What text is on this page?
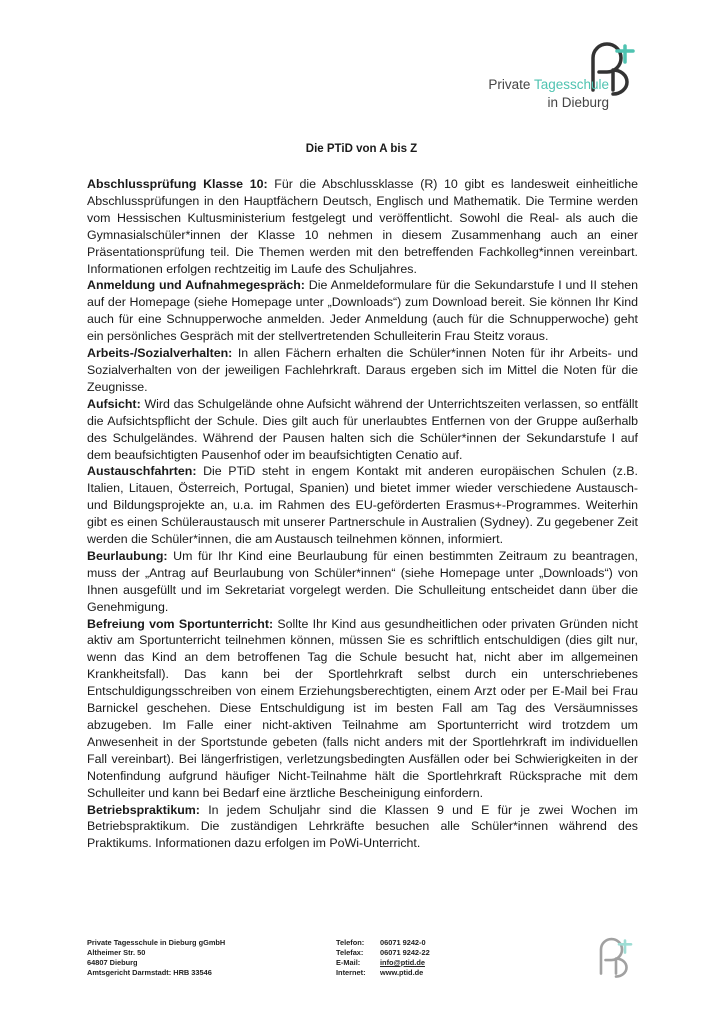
Private Tagesschule
in Dieburg
Die PTiD von A bis Z

Abschlussprüfung Klasse 10: Für die Abschlussklasse (R) 10 gibt es landesweit einheitliche Abschlussprüfungen in den Hauptfächern Deutsch, Englisch und Mathematik. Die Termine werden vom Hessischen Kultusministerium festgelegt und veröffentlicht. Sowohl die Real- als auch die Gymnasialschüler*innen der Klasse 10 nehmen in diesem Zusammenhang auch an einer Präsentationsprüfung teil. Die Themen werden mit den betreffenden Fachkolleg*innen vereinbart. Informationen erfolgen rechtzeitig im Laufe des Schuljahres.

Anmeldung und Aufnahmegespräch: Die Anmeldeformulare für die Sekundarstufe I und II stehen auf der Homepage (siehe Homepage unter „Downloads“) zum Download bereit. Sie können Ihr Kind auch für eine Schnupperwoche anmelden. Jeder Anmeldung (auch für die Schnupperwoche) geht ein persönliches Gespräch mit der stellvertretenden Schulleiterin Frau Steitz voraus.

Arbeits-/Sozialverhalten: In allen Fächern erhalten die Schüler*innen Noten für ihr Arbeits- und Sozialverhalten von der jeweiligen Fachlehrkraft. Daraus ergeben sich im Mittel die Noten für die Zeugnisse.

Aufsicht: Wird das Schulgelände ohne Aufsicht während der Unterrichtszeiten verlassen, so entfällt die Aufsichtspflicht der Schule. Dies gilt auch für unerlaubtes Entfernen von der Gruppe außerhalb des Schulgeländes. Während der Pausen halten sich die Schüler*innen der Sekundarstufe I auf dem beaufsichtigten Pausenhof oder im beaufsichtigten Cenatio auf.

Austauschfahrten: Die PTiD steht in engem Kontakt mit anderen europäischen Schulen (z.B. Italien, Litauen, Österreich, Portugal, Spanien) und bietet immer wieder verschiedene Austausch- und Bildungsprojekte an, u.a. im Rahmen des EU-geförderten Erasmus+-Programmes. Weiterhin gibt es einen Schüleraustausch mit unserer Partnerschule in Australien (Sydney). Zu gegebener Zeit werden die Schüler*innen, die am Austausch teilnehmen können, informiert.

Beurlaubung: Um für Ihr Kind eine Beurlaubung für einen bestimmten Zeitraum zu beantragen, muss der „Antrag auf Beurlaubung von Schüler*innen“ (siehe Homepage unter „Downloads“) von Ihnen ausgefüllt und im Sekretariat vorgelegt werden. Die Schulleitung entscheidet dann über die Genehmigung.

Befreiung vom Sportunterricht: Sollte Ihr Kind aus gesundheitlichen oder privaten Gründen nicht aktiv am Sportunterricht teilnehmen können, müssen Sie es schriftlich entschuldigen (dies gilt nur, wenn das Kind an dem betroffenen Tag die Schule besucht hat, nicht aber im allgemeinen Krankheitsfall). Das kann bei der Sportlehrkraft selbst durch ein unterschriebenes Entschuldigungsschreiben von einem Erziehungsberechtigten, einem Arzt oder per E-Mail bei Frau Barnickel geschehen. Diese Entschuldigung ist im besten Fall am Tag des Versäumnisses abzugeben. Im Falle einer nicht-aktiven Teilnahme am Sportunterricht wird trotzdem um Anwesenheit in der Sportstunde gebeten (falls nicht anders mit der Sportlehrkraft im individuellen Fall vereinbart). Bei längerfristigen, verletzungsbedingten Ausfällen oder bei Schwierigkeiten in der Notenfindung aufgrund häufiger Nicht-Teilnahme hält die Sportlehrkraft Rücksprache mit dem Schulleiter und kann bei Bedarf eine ärztliche Bescheinigung einfordern.

Betriebspraktikum: In jedem Schuljahr sind die Klassen 9 und E für je zwei Wochen im Betriebspraktikum. Die zuständigen Lehrkräfte besuchen alle Schüler*innen während des Praktikums. Informationen dazu erfolgen im PoWi-Unterricht.

Private Tagesschule in Dieburg gGmbH
Altheimer Str. 50
64807 Dieburg
Amtsgericht Darmstadt: HRB 33546
Telefon:	06071 9242-0
Telefax:	06071 9242-22
E-Mail:	info@ptid.de
Internet:	www.ptid.de
